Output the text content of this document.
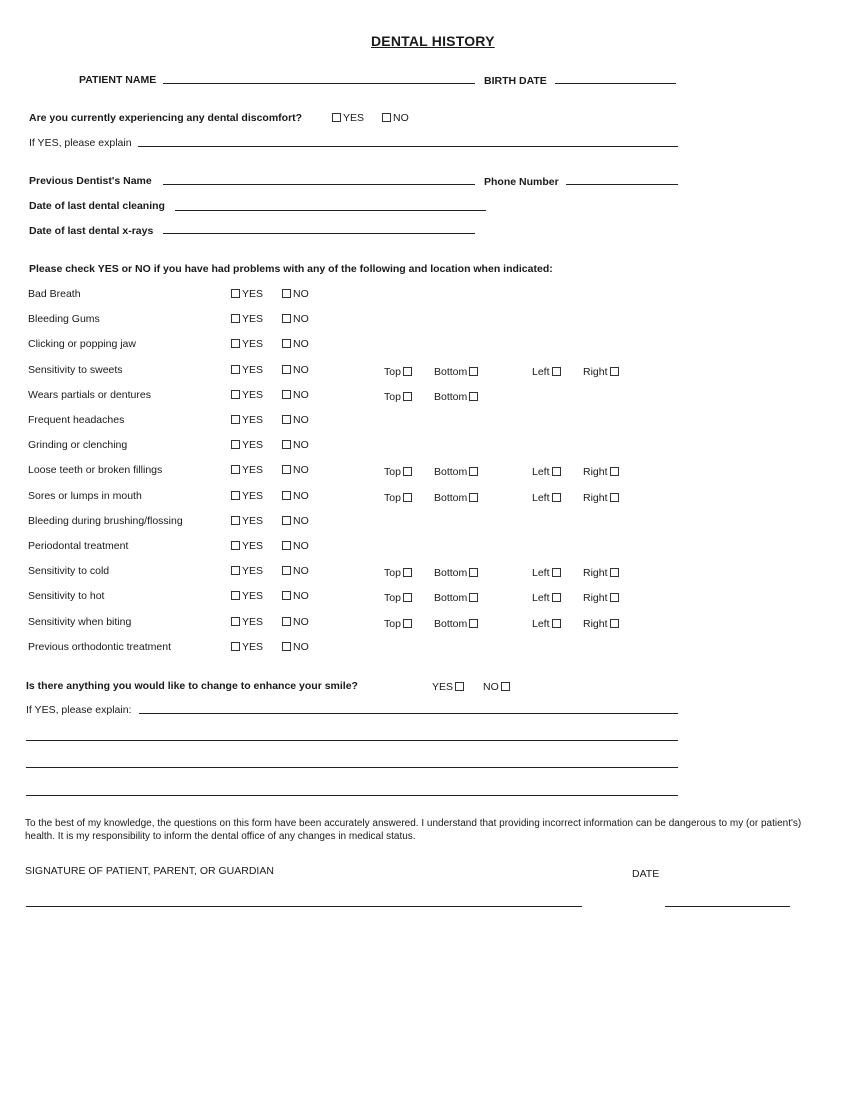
DENTAL HISTORY
PATIENT NAME	BIRTH DATE
Are you currently experiencing any dental discomfort?	YES	NO
If YES, please explain
Previous Dentist's Name	Phone Number
Date of last dental cleaning
Date of last dental x-rays
Please check YES or NO if you have had problems with any of the following and location when indicated:
Bad Breath	YES	NO
Bleeding Gums	YES	NO
Clicking or popping jaw	YES	NO
Sensitivity to sweets	YES	NO	Top	Bottom	Left	Right
Wears partials or dentures	YES	NO	Top	Bottom
Frequent headaches	YES	NO
Grinding or clenching	YES	NO
Loose teeth or broken fillings	YES	NO	Top	Bottom	Left	Right
Sores or lumps in mouth	YES	NO	Top	Bottom	Left	Right
Bleeding during brushing/flossing	YES	NO
Periodontal treatment	YES	NO
Sensitivity to cold	YES	NO	Top	Bottom	Left	Right
Sensitivity to hot	YES	NO	Top	Bottom	Left	Right
Sensitivity when biting	YES	NO	Top	Bottom	Left	Right
Previous orthodontic treatment	YES	NO
Is there anything you would like to change to enhance your smile?	YES	NO
If YES, please explain:
To the best of my knowledge, the questions on this form have been accurately answered. I understand that providing incorrect information can be dangerous to my (or patient's) health. It is my responsibility to inform the dental office of any changes in medical status.
SIGNATURE OF PATIENT, PARENT, OR GUARDIAN	DATE
